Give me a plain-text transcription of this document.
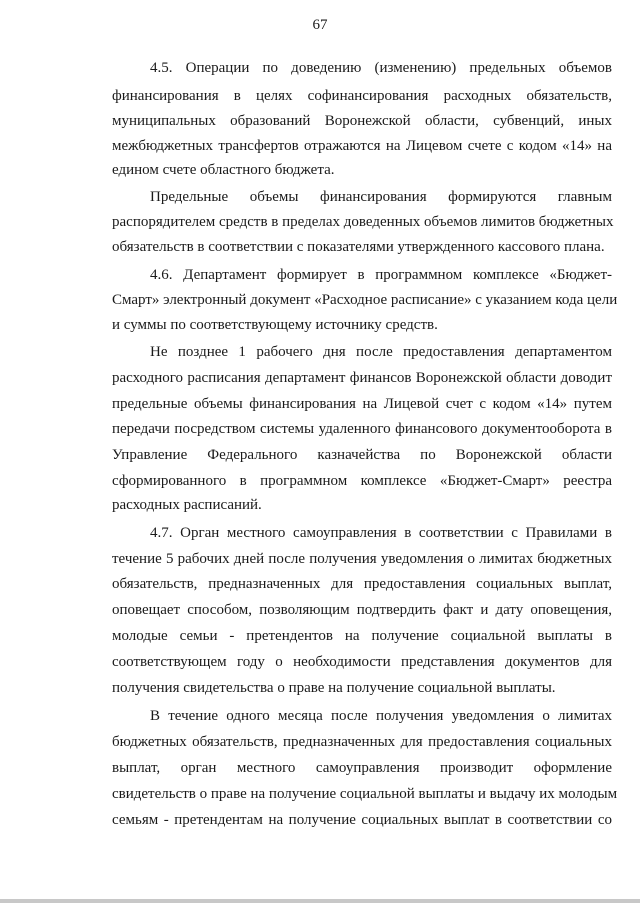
67
4.5. Операции по доведению (изменению) предельных объемов
финансирования в целях софинансирования расходных обязательств,
муниципальных образований Воронежской области, субвенций, иных
межбюджетных трансфертов отражаются на Лицевом счете с кодом «14» на
едином счете областного бюджета.
Предельные объемы финансирования формируются главным
распорядителем средств в пределах доведенных объемов лимитов бюджетных
обязательств в соответствии с показателями утвержденного кассового плана.
4.6. Департамент формирует в программном комплексе «Бюджет-
Смарт» электронный документ «Расходное расписание» с указанием кода цели
и суммы по соответствующему источнику средств.
Не позднее 1 рабочего дня после предоставления департаментом
расходного расписания департамент финансов Воронежской области доводит
предельные объемы финансирования на Лицевой счет с кодом «14» путем
передачи посредством системы удаленного финансового документооборота в
Управление Федерального казначейства по Воронежской области
сформированного в программном комплексе «Бюджет-Смарт» реестра
расходных расписаний.
4.7. Орган местного самоуправления в соответствии с Правилами в
течение 5 рабочих дней после получения уведомления о лимитах бюджетных
обязательств, предназначенных для предоставления социальных выплат,
оповещает способом, позволяющим подтвердить факт и дату оповещения,
молодые семьи - претендентов на получение социальной выплаты в
соответствующем году о необходимости представления документов для
получения свидетельства о праве на получение социальной выплаты.
В течение одного месяца после получения уведомления о лимитах
бюджетных обязательств, предназначенных для предоставления социальных
выплат, орган местного самоуправления производит оформление
свидетельств о праве на получение социальной выплаты и выдачу их молодым
семьям - претендентам на получение социальных выплат в соответствии со
